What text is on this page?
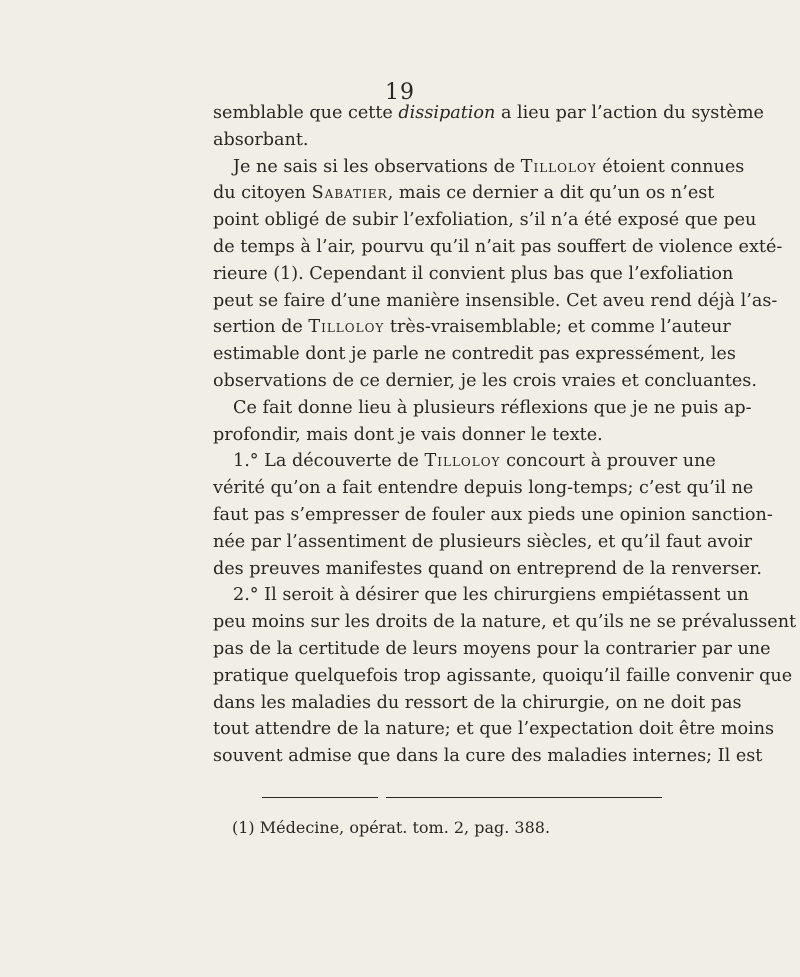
19
semblable que cette dissipation a lieu par l’action du système
absorbant.
Je ne sais si les observations de Tilloloy étoient connues
du citoyen Sabatier, mais ce dernier a dit qu’un os n’est
point obligé de subir l’exfoliation, s’il n’a été exposé que peu
de temps à l’air, pourvu qu’il n’ait pas souffert de violence exté-
rieure (1). Cependant il convient plus bas que l’exfoliation
peut se faire d’une manière insensible. Cet aveu rend déjà l’as-
sertion de Tilloloy très-vraisemblable; et comme l’auteur
estimable dont je parle ne contredit pas expressément, les
observations de ce dernier, je les crois vraies et concluantes.
Ce fait donne lieu à plusieurs réflexions que je ne puis ap-
profondir, mais dont je vais donner le texte.
1.° La découverte de Tilloloy concourt à prouver une
vérité qu’on a fait entendre depuis long-temps; c’est qu’il ne
faut pas s’empresser de fouler aux pieds une opinion sanction-
née par l’assentiment de plusieurs siècles, et qu’il faut avoir
des preuves manifestes quand on entreprend de la renverser.
2.° Il seroit à désirer que les chirurgiens empiétassent un
peu moins sur les droits de la nature, et qu’ils ne se prévalussent
pas de la certitude de leurs moyens pour la contrarier par une
pratique quelquefois trop agissante, quoiqu’il faille convenir que
dans les maladies du ressort de la chirurgie, on ne doit pas
tout attendre de la nature; et que l’expectation doit être moins
souvent admise que dans la cure des maladies internes; Il est
(1) Médecine, opérat. tom. 2, pag. 388.
